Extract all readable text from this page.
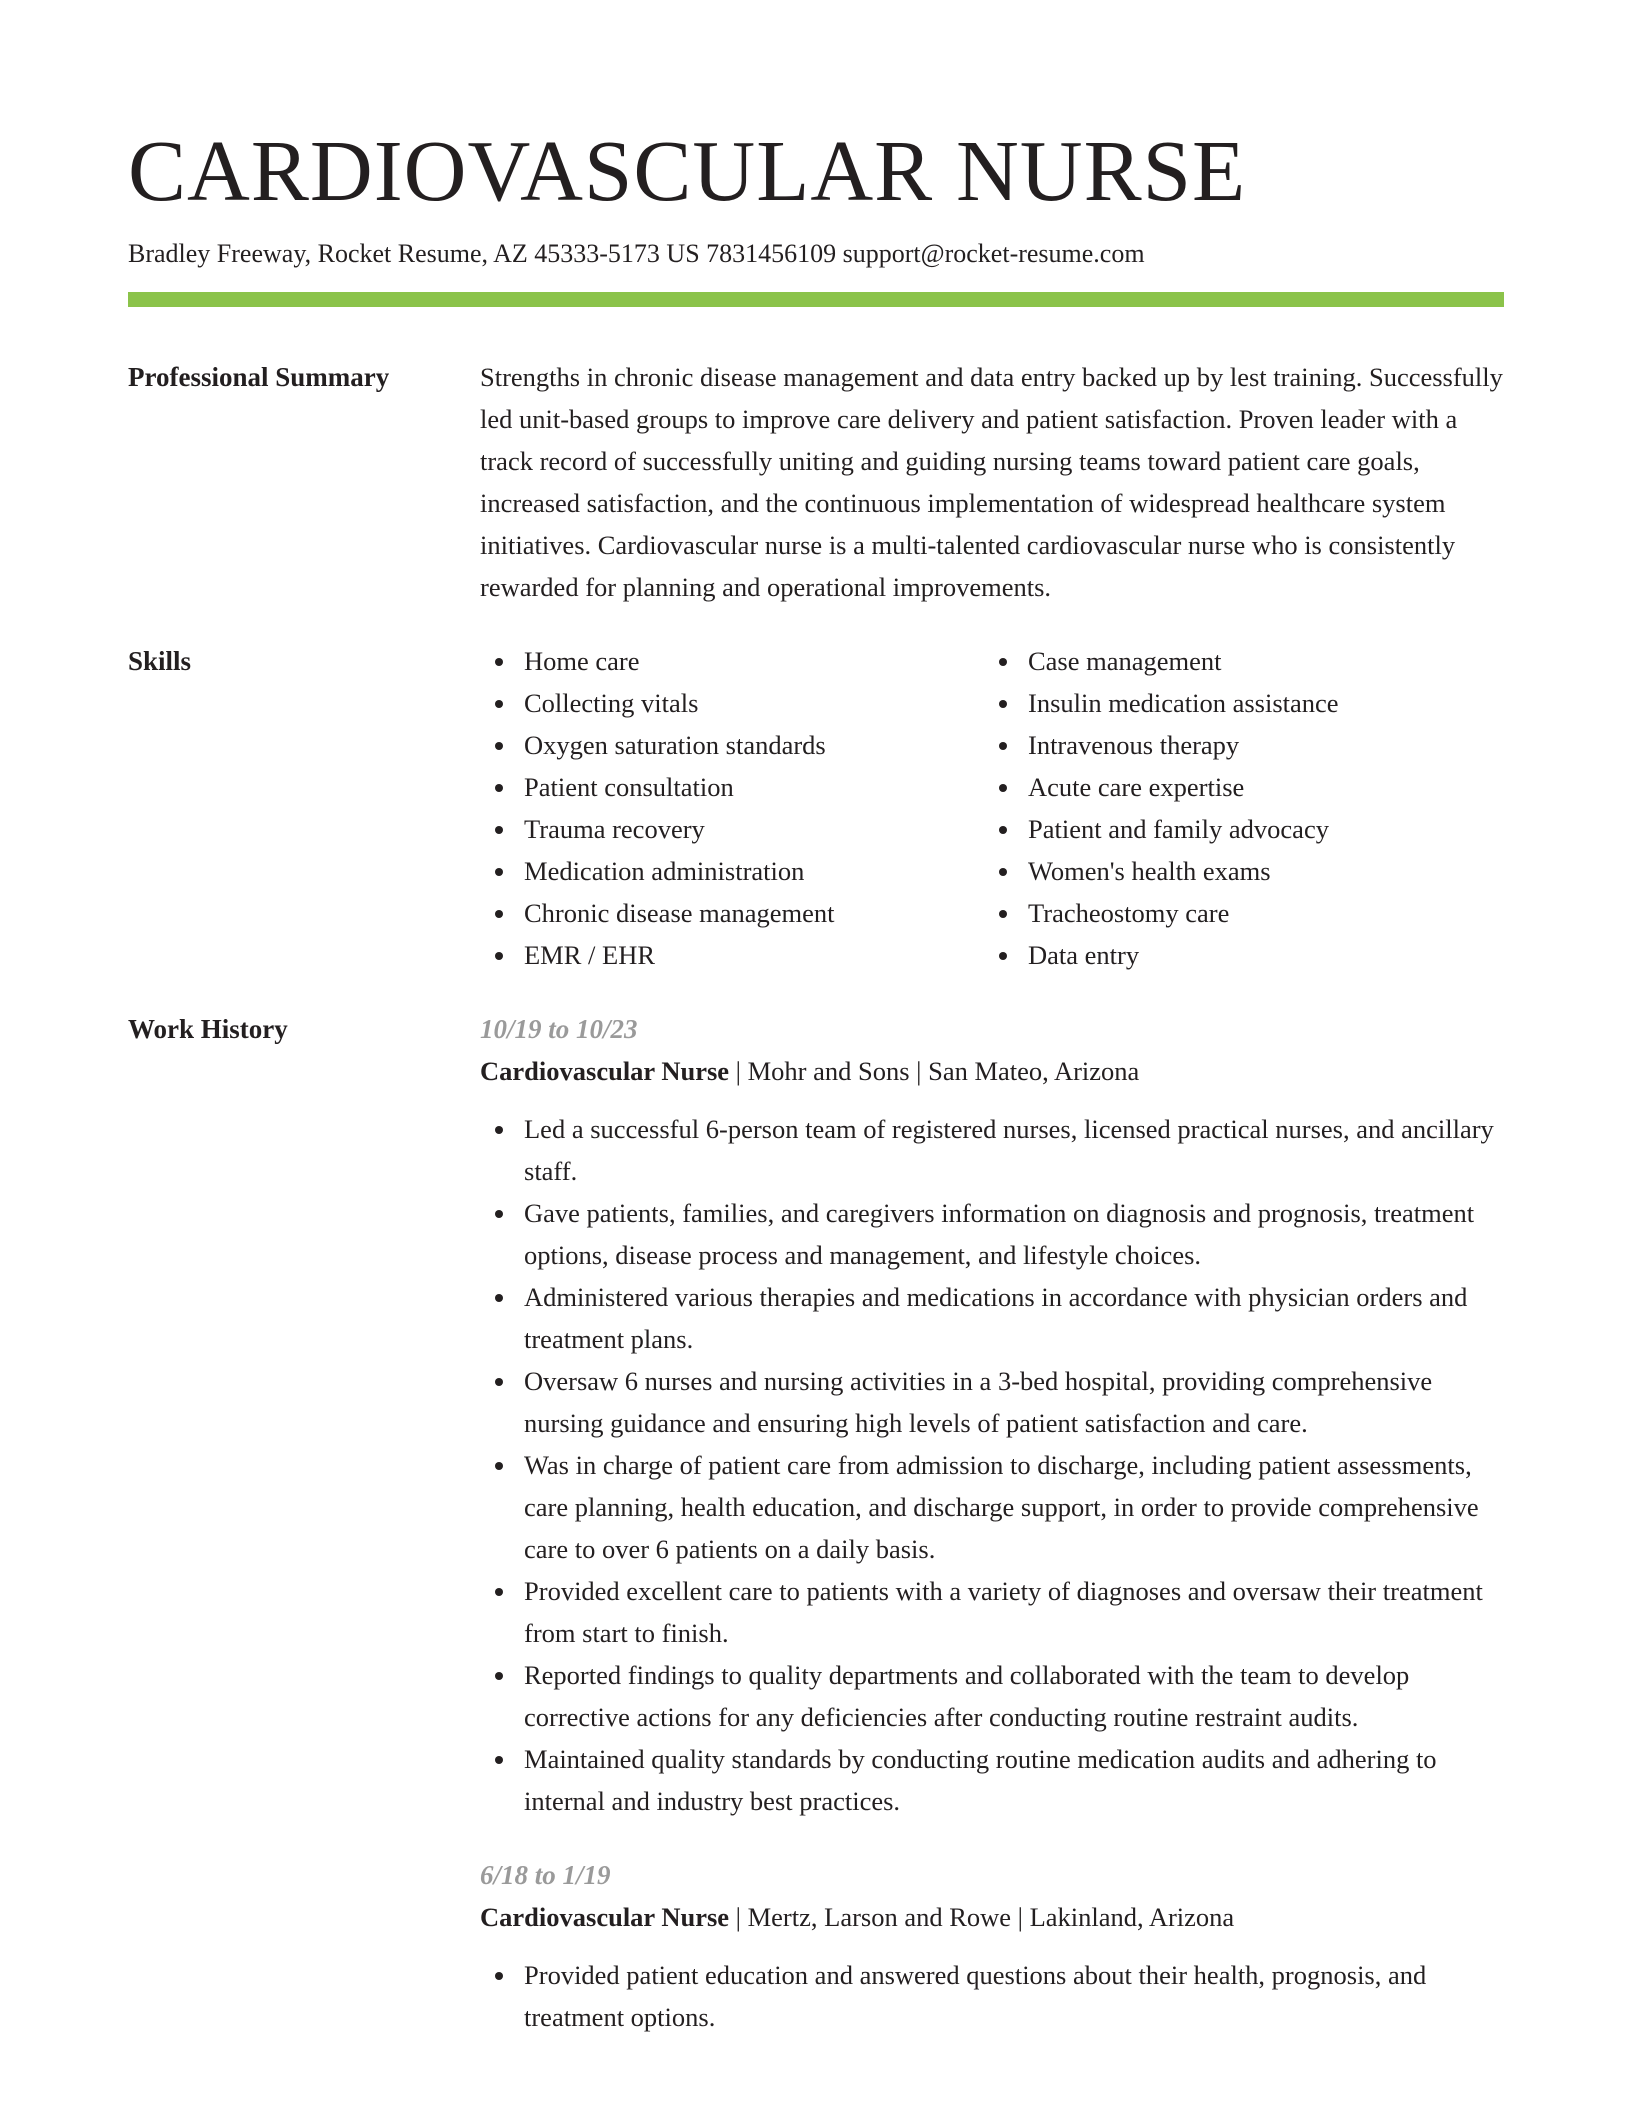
CARDIOVASCULAR NURSE
Bradley Freeway, Rocket Resume, AZ 45333-5173 US 7831456109 support@rocket-resume.com
Professional Summary	Strengths in chronic disease management and data entry backed up by lest training. Successfully led unit-based groups to improve care delivery and patient satisfaction. Proven leader with a track record of successfully uniting and guiding nursing teams toward patient care goals, increased satisfaction, and the continuous implementation of widespread healthcare system initiatives. Cardiovascular nurse is a multi-talented cardiovascular nurse who is consistently rewarded for planning and operational improvements.
Skills	Home care
Collecting vitals
Oxygen saturation standards
Patient consultation
Trauma recovery
Medication administration
Chronic disease management
EMR / EHR
Case management
Insulin medication assistance
Intravenous therapy
Acute care expertise
Patient and family advocacy
Women's health exams
Tracheostomy care
Data entry
Work History	10/19 to 10/23
Cardiovascular Nurse | Mohr and Sons | San Mateo, Arizona
Led a successful 6-person team of registered nurses, licensed practical nurses, and ancillary staff.
Gave patients, families, and caregivers information on diagnosis and prognosis, treatment options, disease process and management, and lifestyle choices.
Administered various therapies and medications in accordance with physician orders and treatment plans.
Oversaw 6 nurses and nursing activities in a 3-bed hospital, providing comprehensive nursing guidance and ensuring high levels of patient satisfaction and care.
Was in charge of patient care from admission to discharge, including patient assessments, care planning, health education, and discharge support, in order to provide comprehensive care to over 6 patients on a daily basis.
Provided excellent care to patients with a variety of diagnoses and oversaw their treatment from start to finish.
Reported findings to quality departments and collaborated with the team to develop corrective actions for any deficiencies after conducting routine restraint audits.
Maintained quality standards by conducting routine medication audits and adhering to internal and industry best practices.
6/18 to 1/19
Cardiovascular Nurse | Mertz, Larson and Rowe | Lakinland, Arizona
Provided patient education and answered questions about their health, prognosis, and treatment options.
